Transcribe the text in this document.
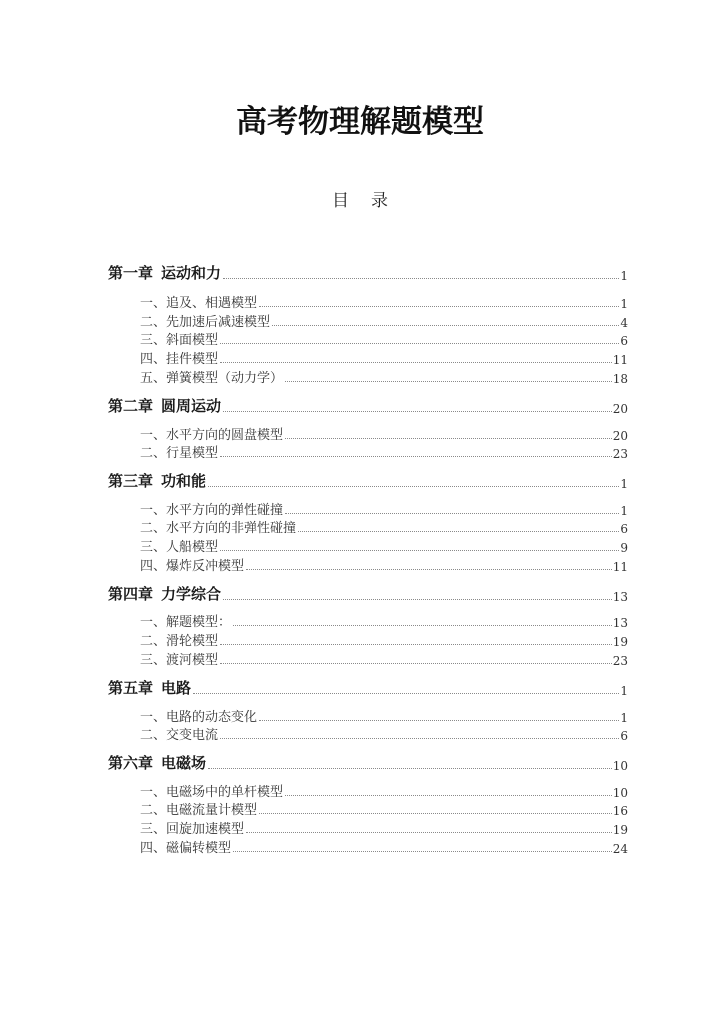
高考物理解题模型
目 录
第一章 运动和力	1
一、追及、相遇模型	1
二、先加速后减速模型	4
三、斜面模型	6
四、挂件模型	11
五、弹簧模型（动力学）	18
第二章 圆周运动	20
一、水平方向的圆盘模型	20
二、行星模型	23
第三章 功和能	1
一、水平方向的弹性碰撞	1
二、水平方向的非弹性碰撞	6
三、人船模型	9
四、爆炸反冲模型	11
第四章 力学综合	13
一、解题模型：	13
二、滑轮模型	19
三、渡河模型	23
第五章 电路	1
一、电路的动态变化	1
二、交变电流	6
第六章 电磁场	10
一、电磁场中的单杆模型	10
二、电磁流量计模型	16
三、回旋加速模型	19
四、磁偏转模型	24
